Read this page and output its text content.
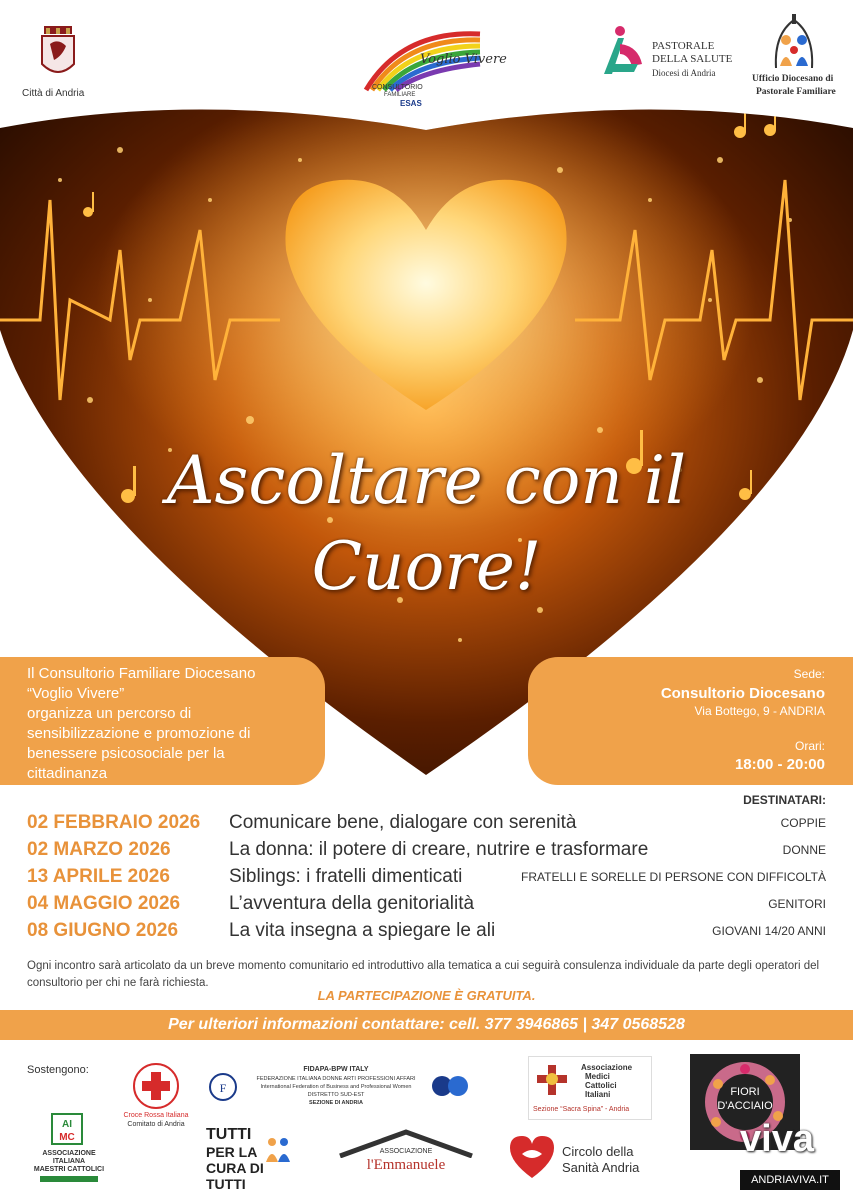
Città di Andria
Voglio Vivere
CONSULTORIO
FAMILIARE
ESAS
PASTORALE
DELLA SALUTE
Diocesi di Andria
Ufficio Diocesano di
Pastorale Familiare
Ascoltare con il
Cuore!
Il Consultorio Familiare Diocesano
“Voglio Vivere”
organizza un percorso di
sensibilizzazione e promozione di
benessere psicosociale per la
cittadinanza
Sede:
Consultorio Diocesano
Via Bottego, 9 - ANDRIA
Orari:
18:00 - 20:00
DESTINATARI:
02 FEBBRAIO 2026 Comunicare bene, dialogare con serenità	COPPIE
02 MARZO 2026	La donna: il potere di creare, nutrire e trasformare	DONNE
13 APRILE 2026	Siblings: i fratelli dimenticati	FRATELLI E SORELLE DI PERSONE CON DIFFICOLTÀ
04 MAGGIO 2026	L’avventura della genitorialità	GENITORI
08 GIUGNO 2026	La vita insegna a spiegare le ali	GIOVANI 14/20 ANNI
Ogni incontro sarà articolato da un breve momento comunitario ed introduttivo alla tematica a cui seguirà consulenza individuale da parte degli operatori del consultorio per chi ne farà richiesta.
LA PARTECIPAZIONE È GRATUITA.
Per ulteriori informazioni contattare: cell. 377 3946865 | 347 0568528
Sostengono:
Croce Rossa Italiana
Comitato di Andria
F
FIDAPA-BPW ITALY
FEDERAZIONE ITALIANA DONNE ARTI PROFESSIONI AFFARI
International Federation of Business and Professional Women
DISTRETTO SUD-EST
SEZIONE DI ANDRIA
Associazione
Medici
Cattolici
Italiani
Sezione “Sacra Spina” - Andria
FIORI
D'ACCIAIO
AI
MC
ASSOCIAZIONE
ITALIANA
MAESTRI CATTOLICI
TUTTI
PER LA
CURA DI
TUTTI
ASSOCIAZIONE
l'Emmanuele
Circolo della
Sanità Andria
viva
ANDRIAVIVA.IT
